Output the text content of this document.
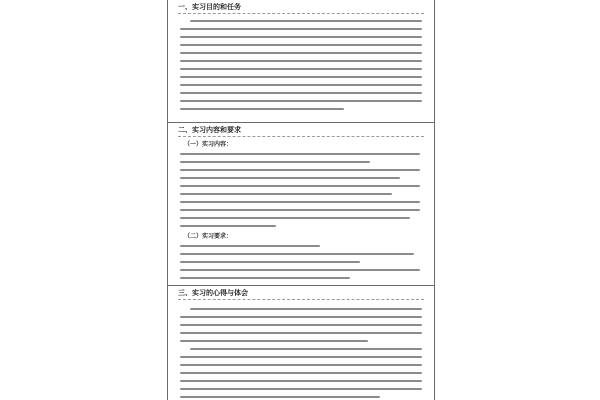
一、实习目的和任务
二、实习内容和要求
（一）实习内容：
（二）实习要求：
三、实习的心得与体会
